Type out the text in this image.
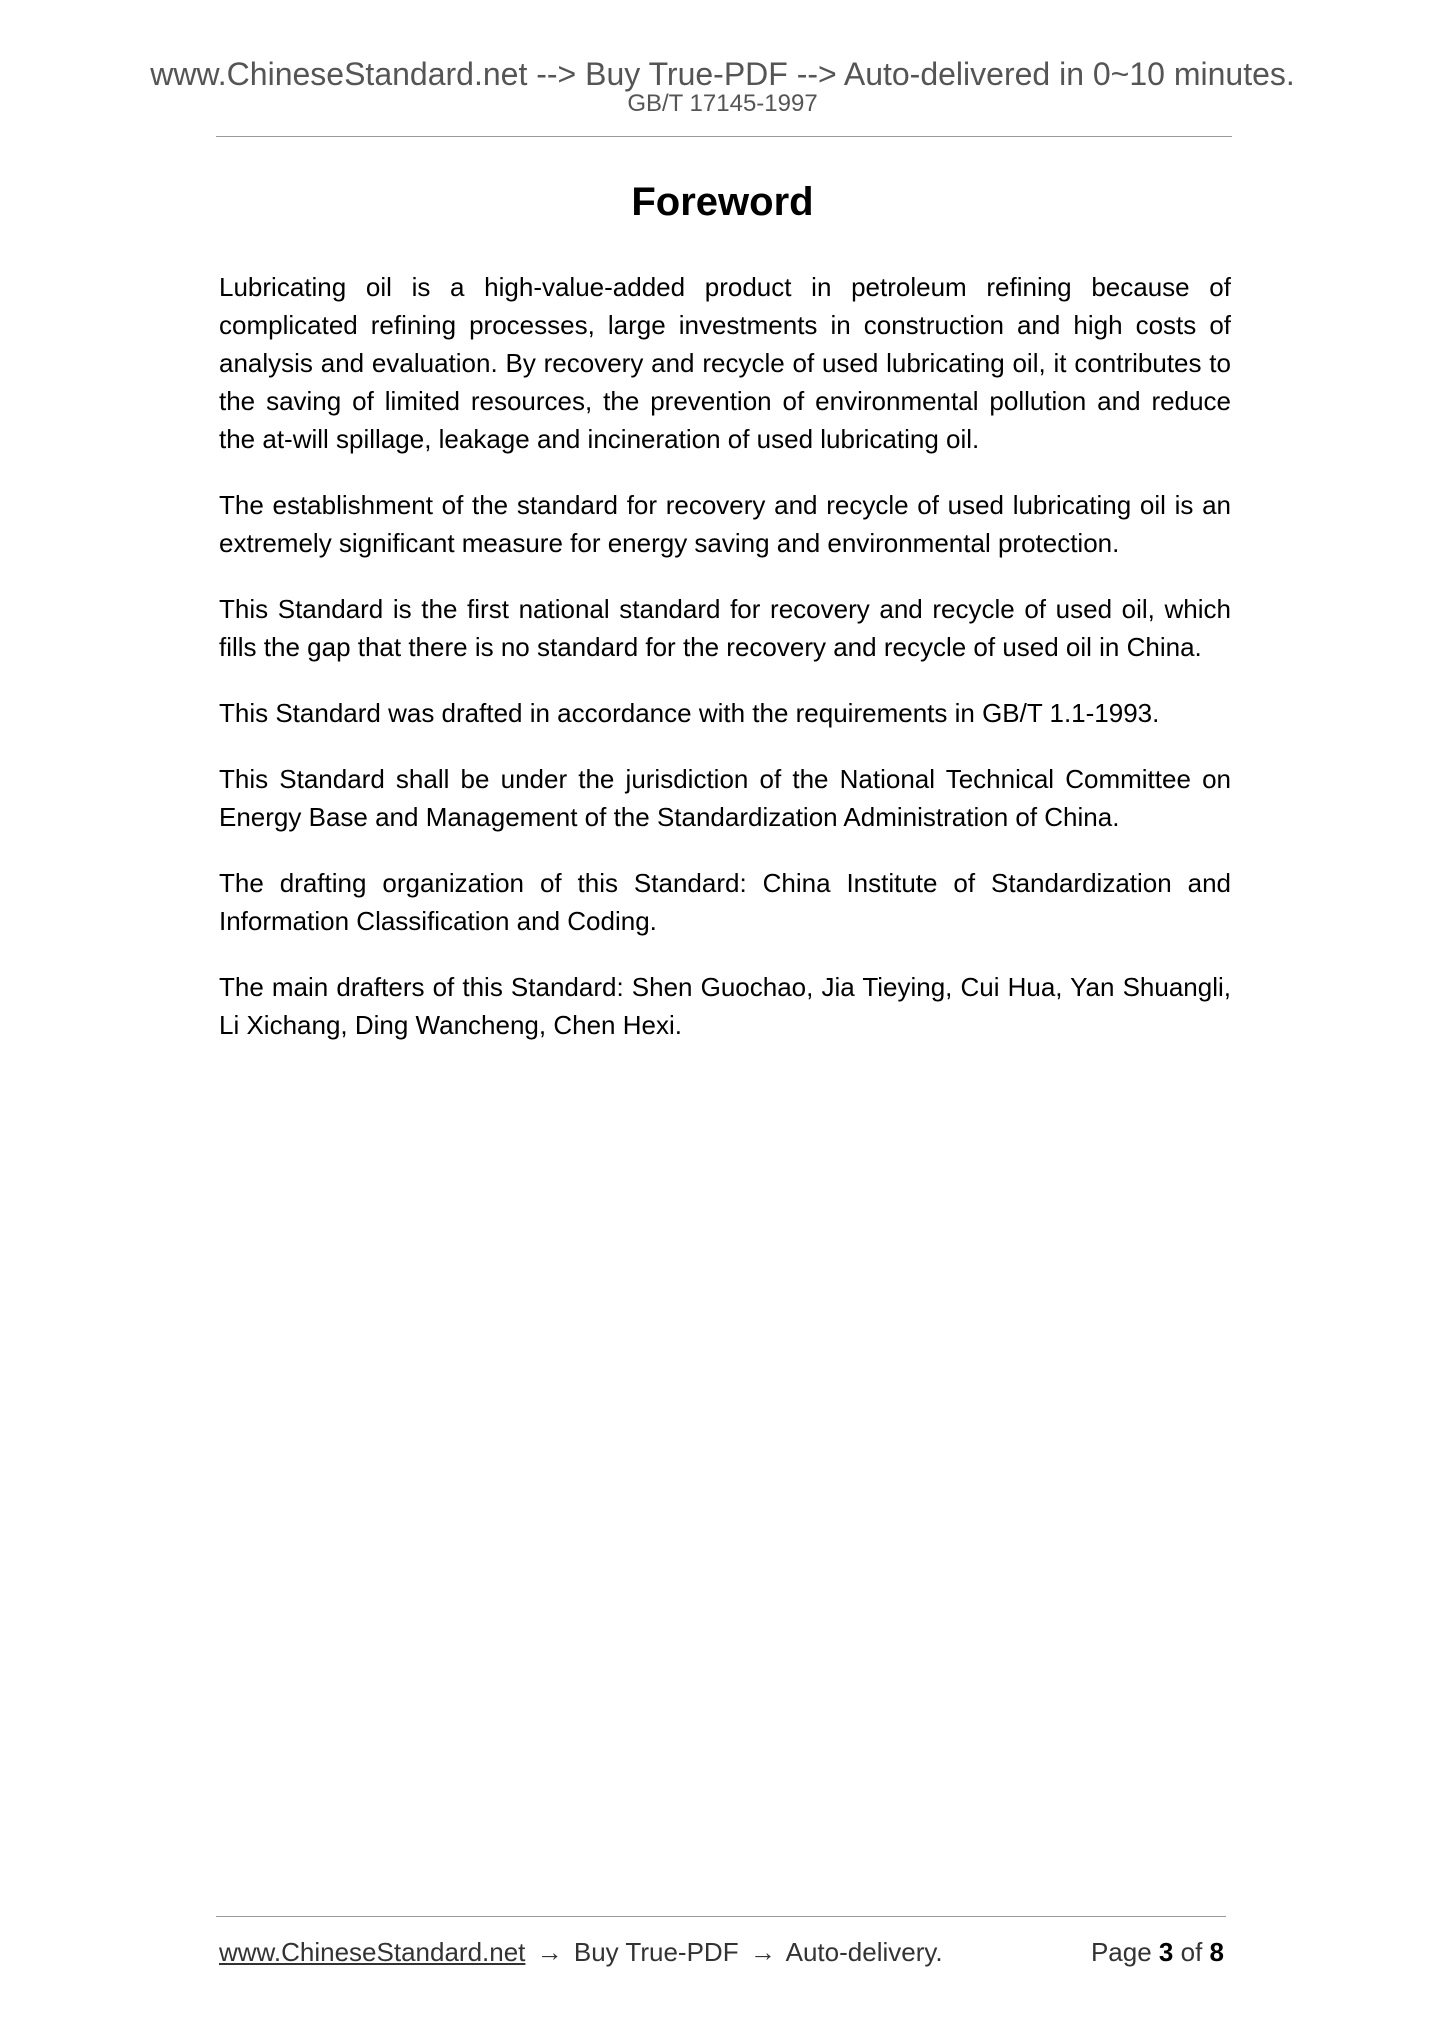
www.ChineseStandard.net --> Buy True-PDF --> Auto-delivered in 0~10 minutes.
GB/T 17145-1997
Foreword

Lubricating oil is a high-value-added product in petroleum refining because of complicated refining processes, large investments in construction and high costs of analysis and evaluation. By recovery and recycle of used lubricating oil, it contributes to the saving of limited resources, the prevention of environmental pollution and reduce the at-will spillage, leakage and incineration of used lubricating oil.

The establishment of the standard for recovery and recycle of used lubricating oil is an extremely significant measure for energy saving and environmental protection.

This Standard is the first national standard for recovery and recycle of used oil, which fills the gap that there is no standard for the recovery and recycle of used oil in China.

This Standard was drafted in accordance with the requirements in GB/T 1.1-1993.

This Standard shall be under the jurisdiction of the National Technical Committee on Energy Base and Management of the Standardization Administration of China.

The drafting organization of this Standard: China Institute of Standardization and Information Classification and Coding.

The main drafters of this Standard: Shen Guochao, Jia Tieying, Cui Hua, Yan Shuangli, Li Xichang, Ding Wancheng, Chen Hexi.

www.ChineseStandard.net → Buy True-PDF → Auto-delivery.	Page 3 of 8
